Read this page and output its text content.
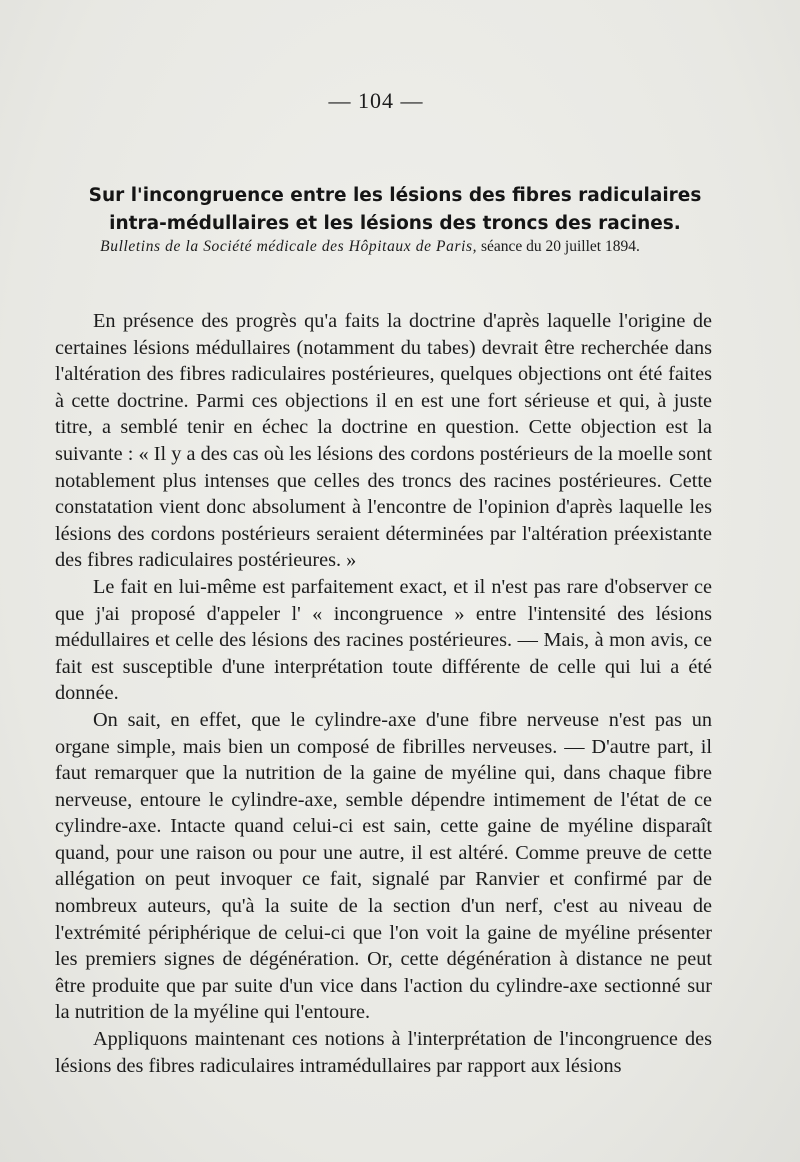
— 104 —
Sur l'incongruence entre les lésions des fibres radiculaires intra-médullaires et les lésions des troncs des racines.
Bulletins de la Société médicale des Hôpitaux de Paris, séance du 20 juillet 1894.

En présence des progrès qu'a faits la doctrine d'après laquelle l'origine de certaines lésions médullaires (notamment du tabes) devrait être recherchée dans l'altération des fibres radiculaires postérieures, quelques objections ont été faites à cette doctrine. Parmi ces objections il en est une fort sérieuse et qui, à juste titre, a semblé tenir en échec la doctrine en question. Cette objection est la suivante : « Il y a des cas où les lésions des cordons postérieurs de la moelle sont notablement plus intenses que celles des troncs des racines postérieures. Cette constatation vient donc absolument à l'encontre de l'opinion d'après laquelle les lésions des cordons postérieurs seraient déterminées par l'altération préexistante des fibres radiculaires postérieures. »

Le fait en lui-même est parfaitement exact, et il n'est pas rare d'observer ce que j'ai proposé d'appeler l' « incongruence » entre l'intensité des lésions médullaires et celle des lésions des racines postérieures. — Mais, à mon avis, ce fait est susceptible d'une interprétation toute différente de celle qui lui a été donnée.

On sait, en effet, que le cylindre-axe d'une fibre nerveuse n'est pas un organe simple, mais bien un composé de fibrilles nerveuses. — D'autre part, il faut remarquer que la nutrition de la gaine de myéline qui, dans chaque fibre nerveuse, entoure le cylindre-axe, semble dépendre intimement de l'état de ce cylindre-axe. Intacte quand celui-ci est sain, cette gaine de myéline disparaît quand, pour une raison ou pour une autre, il est altéré. Comme preuve de cette allégation on peut invoquer ce fait, signalé par Ranvier et confirmé par de nombreux auteurs, qu'à la suite de la section d'un nerf, c'est au niveau de l'extrémité périphérique de celui-ci que l'on voit la gaine de myéline présenter les premiers signes de dégénération. Or, cette dégénération à distance ne peut être produite que par suite d'un vice dans l'action du cylindre-axe sectionné sur la nutrition de la myéline qui l'entoure.

Appliquons maintenant ces notions à l'interprétation de l'incongruence des lésions des fibres radiculaires intramédullaires par rapport aux lésions
